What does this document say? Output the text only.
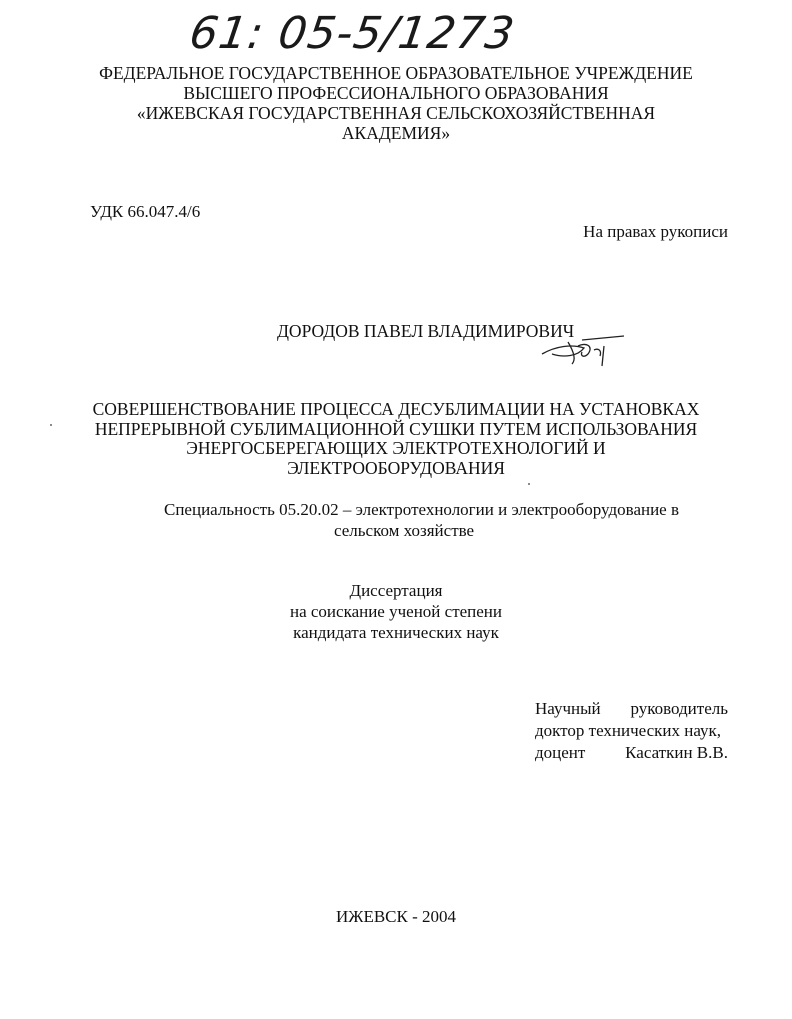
61: 05-5/1273
ФЕДЕРАЛЬНОЕ ГОСУДАРСТВЕННОЕ ОБРАЗОВАТЕЛЬНОЕ УЧРЕЖДЕНИЕ
ВЫСШЕГО ПРОФЕССИОНАЛЬНОГО ОБРАЗОВАНИЯ
«ИЖЕВСКАЯ ГОСУДАРСТВЕННАЯ СЕЛЬСКОХОЗЯЙСТВЕННАЯ
АКАДЕМИЯ»
УДК 66.047.4/6
На правах рукописи
ДОРОДОВ ПАВЕЛ ВЛАДИМИРОВИЧ
СОВЕРШЕНСТВОВАНИЕ ПРОЦЕССА ДЕСУБЛИМАЦИИ НА УСТАНОВКАХ
НЕПРЕРЫВНОЙ СУБЛИМАЦИОННОЙ СУШКИ ПУТЕМ ИСПОЛЬЗОВАНИЯ
ЭНЕРГОСБЕРЕГАЮЩИХ ЭЛЕКТРОТЕХНОЛОГИЙ И
ЭЛЕКТРООБОРУДОВАНИЯ
Специальность 05.20.02 – электротехнологии и электрооборудование в
сельском хозяйстве
Диссертация
на соискание ученой степени
кандидата технических наук
Научный руководитель
доктор технических наук,
доцент Касаткин В.В.
ИЖЕВСК - 2004
